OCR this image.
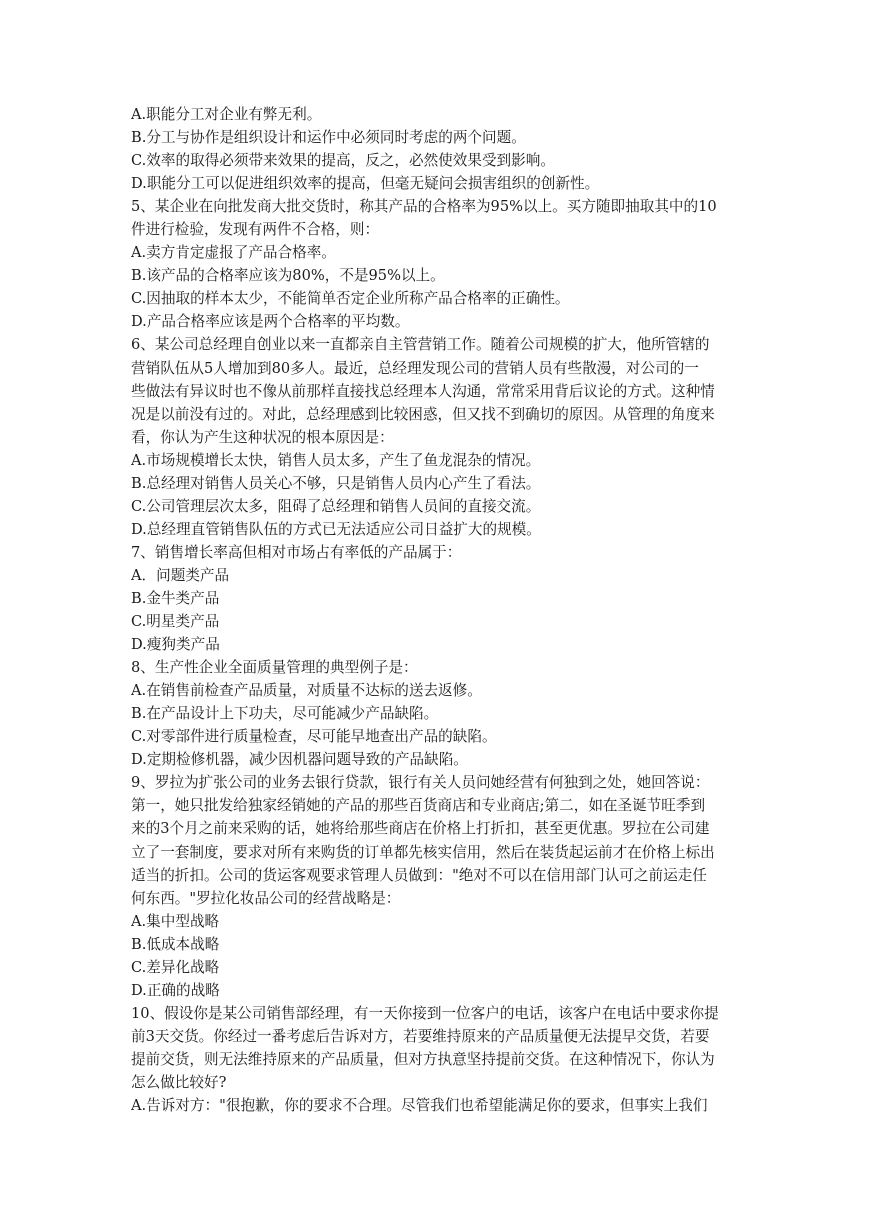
A.职能分工对企业有弊无利。
B.分工与协作是组织设计和运作中必须同时考虑的两个问题。
C.效率的取得必须带来效果的提高，反之，必然使效果受到影响。
D.职能分工可以促进组织效率的提高，但毫无疑问会损害组织的创新性。
5、某企业在向批发商大批交货时，称其产品的合格率为95%以上。买方随即抽取其中的10
件进行检验，发现有两件不合格，则：
A.卖方肯定虚报了产品合格率。
B.该产品的合格率应该为80%，不是95%以上。
C.因抽取的样本太少，不能简单否定企业所称产品合格率的正确性。
D.产品合格率应该是两个合格率的平均数。
6、某公司总经理自创业以来一直都亲自主管营销工作。随着公司规模的扩大，他所管辖的
营销队伍从5人增加到80多人。最近，总经理发现公司的营销人员有些散漫，对公司的一
些做法有异议时也不像从前那样直接找总经理本人沟通，常常采用背后议论的方式。这种情
况是以前没有过的。对此，总经理感到比较困惑，但又找不到确切的原因。从管理的角度来
看，你认为产生这种状况的根本原因是：
A.市场规模增长太快，销售人员太多，产生了鱼龙混杂的情况。
B.总经理对销售人员关心不够，只是销售人员内心产生了看法。
C.公司管理层次太多，阻碍了总经理和销售人员间的直接交流。
D.总经理直管销售队伍的方式已无法适应公司日益扩大的规模。
7、销售增长率高但相对市场占有率低的产品属于：
A．问题类产品
B.金牛类产品
C.明星类产品
D.瘦狗类产品
8、生产性企业全面质量管理的典型例子是：
A.在销售前检查产品质量，对质量不达标的送去返修。
B.在产品设计上下功夫，尽可能减少产品缺陷。
C.对零部件进行质量检查，尽可能早地查出产品的缺陷。
D.定期检修机器，减少因机器问题导致的产品缺陷。
9、罗拉为扩张公司的业务去银行贷款，银行有关人员问她经营有何独到之处，她回答说：
第一，她只批发给独家经销她的产品的那些百货商店和专业商店;第二，如在圣诞节旺季到
来的3个月之前来采购的话，她将给那些商店在价格上打折扣，甚至更优惠。罗拉在公司建
立了一套制度，要求对所有来购货的订单都先核实信用，然后在装货起运前才在价格上标出
适当的折扣。公司的货运客观要求管理人员做到："绝对不可以在信用部门认可之前运走任
何东西。"罗拉化妆品公司的经营战略是：
A.集中型战略
B.低成本战略
C.差异化战略
D.正确的战略
10、假设你是某公司销售部经理，有一天你接到一位客户的电话，该客户在电话中要求你提
前3天交货。你经过一番考虑后告诉对方，若要维持原来的产品质量便无法提早交货，若要
提前交货，则无法维持原来的产品质量，但对方执意坚持提前交货。在这种情况下，你认为
怎么做比较好?
A.告诉对方："很抱歉，你的要求不合理。尽管我们也希望能满足你的要求，但事实上我们
